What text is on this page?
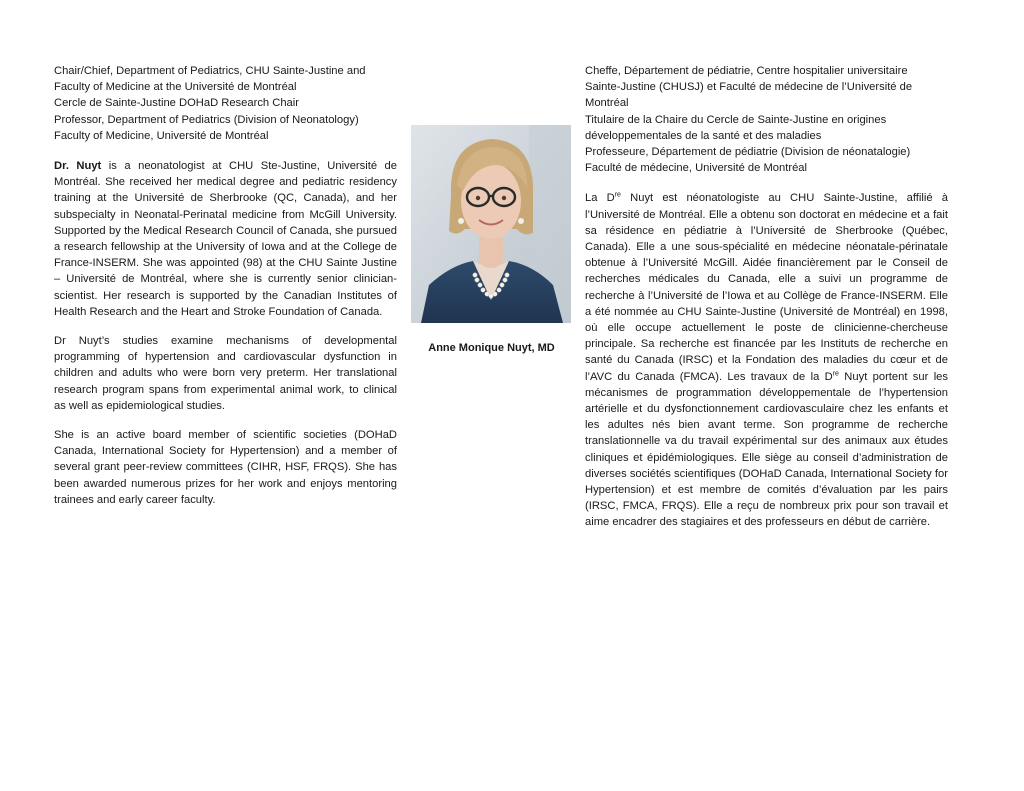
Chair/Chief, Department of Pediatrics, CHU Sainte-Justine and
Faculty of Medicine at the Université de Montréal
Cercle de Sainte-Justine DOHaD Research Chair
Professor, Department of Pediatrics (Division of Neonatology)
Faculty of Medicine, Université de Montréal

Dr. Nuyt is a neonatologist at CHU Ste-Justine, Université de Montréal. She received her medical degree and pediatric residency training at the Université de Sherbrooke (QC, Canada), and her subspecialty in Neonatal-Perinatal medicine from McGill University. Supported by the Medical Research Council of Canada, she pursued a research fellowship at the University of Iowa and at the College de France-INSERM. She was appointed (98) at the CHU Sainte Justine – Université de Montréal, where she is currently senior clinician-scientist. Her research is supported by the Canadian Institutes of Health Research and the Heart and Stroke Foundation of Canada.

Dr Nuyt’s studies examine mechanisms of developmental programming of hypertension and cardiovascular dysfunction in children and adults who were born very preterm. Her translational research program spans from experimental animal work, to clinical as well as epidemiological studies.

She is an active board member of scientific societies (DOHaD Canada, International Society for Hypertension) and a member of several grant peer-review committees (CIHR, HSF, FRQS). She has been awarded numerous prizes for her work and enjoys mentoring trainees and early career faculty.

Anne Monique Nuyt, MD
Cheffe, Département de pédiatrie, Centre hospitalier universitaire
Sainte-Justine (CHUSJ) et Faculté de médecine de l’Université de
Montréal
Titulaire de la Chaire du Cercle de Sainte-Justine en origines
développementales de la santé et des maladies
Professeure, Département de pédiatrie (Division de néonatalogie)
Faculté de médecine, Université de Montréal

La Dre Nuyt est néonatologiste au CHU Sainte-Justine, affilié à l’Université de Montréal. Elle a obtenu son doctorat en médecine et a fait sa résidence en pédiatrie à l’Université de Sherbrooke (Québec, Canada). Elle a une sous-spécialité en médecine néonatale-périnatale obtenue à l’Université McGill. Aidée financièrement par le Conseil de recherches médicales du Canada, elle a suivi un programme de recherche à l’Université de l’Iowa et au Collège de France-INSERM. Elle a été nommée au CHU Sainte-Justine (Université de Montréal) en 1998, où elle occupe actuellement le poste de clinicienne-chercheuse principale. Sa recherche est financée par les Instituts de recherche en santé du Canada (IRSC) et la Fondation des maladies du cœur et de l’AVC du Canada (FMCA). Les travaux de la Dre Nuyt portent sur les mécanismes de programmation développementale de l’hypertension artérielle et du dysfonctionnement cardiovasculaire chez les enfants et les adultes nés bien avant terme. Son programme de recherche translationnelle va du travail expérimental sur des animaux aux études cliniques et épidémiologiques. Elle siège au conseil d’administration de diverses sociétés scientifiques (DOHaD Canada, International Society for Hypertension) et est membre de comités d’évaluation par les pairs (IRSC, FMCA, FRQS). Elle a reçu de nombreux prix pour son travail et aime encadrer des stagiaires et des professeurs en début de carrière.
